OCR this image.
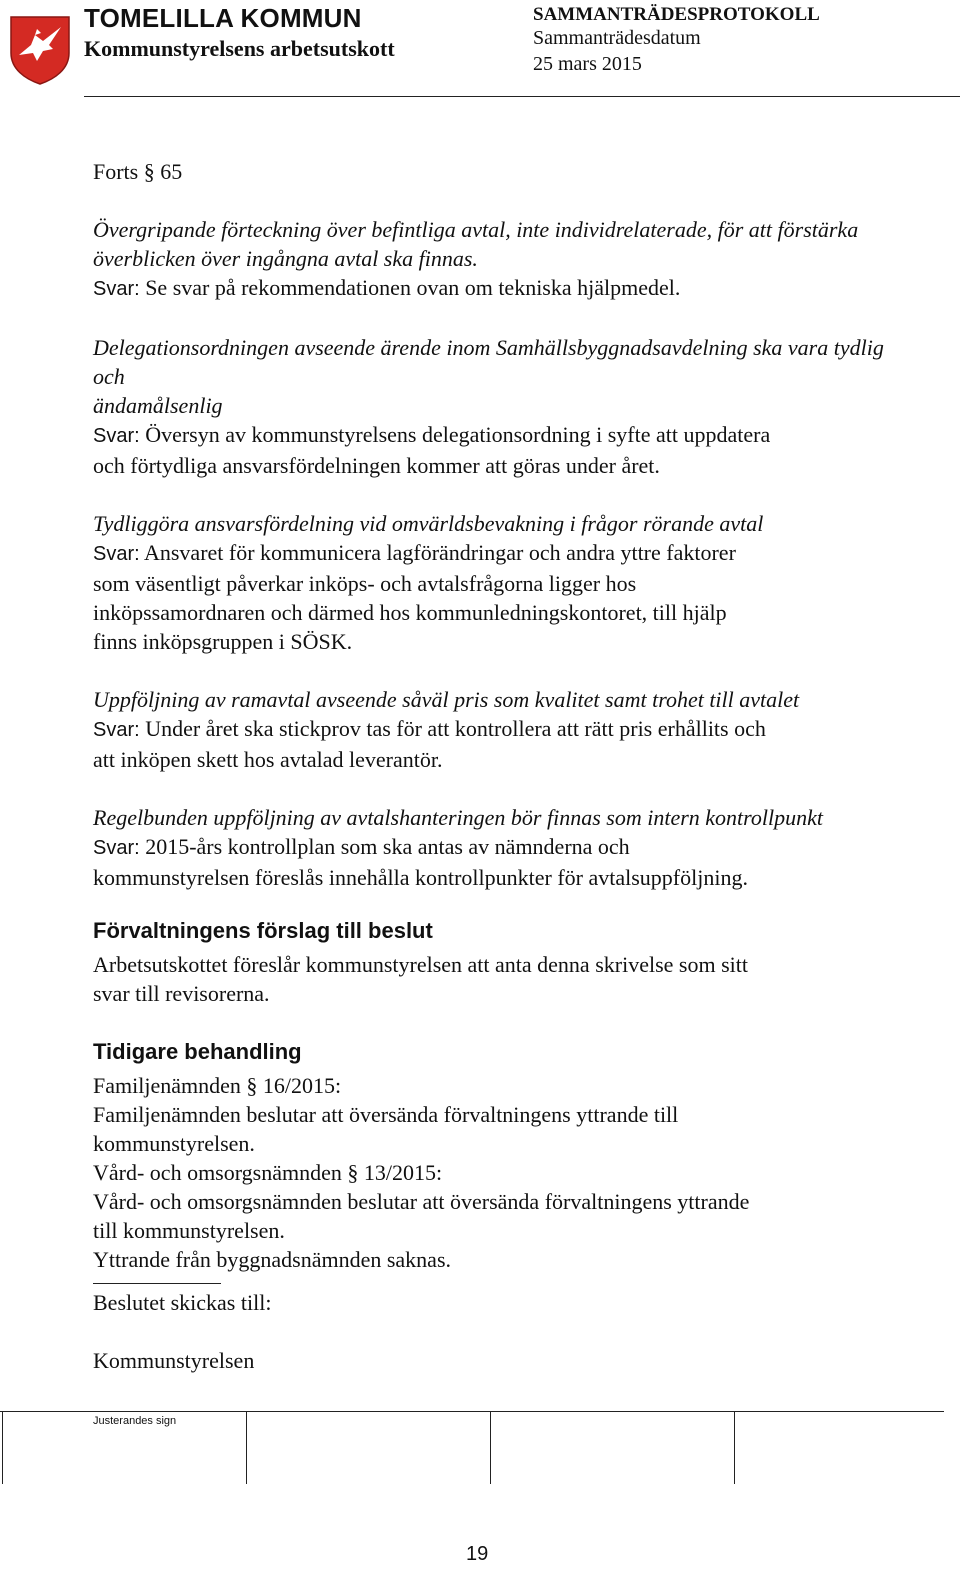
TOMELILLA KOMMUN
Kommunstyrelsens arbetsutskott
SAMMANTRÄDESPROTOKOLL
Sammanträdesdatum
25 mars 2015

Forts § 65

Övergripande förteckning över befintliga avtal, inte individrelaterade, för att förstärka

överblicken över ingångna avtal ska finnas.

Svar: Se svar på rekommendationen ovan om tekniska hjälpmedel.

Delegationsordningen avseende ärende inom Samhällsbyggnadsavdelning ska vara tydlig och

ändamålsenlig

Svar: Översyn av kommunstyrelsens delegationsordning i syfte att uppdatera

och förtydliga ansvarsfördelningen kommer att göras under året.

Tydliggöra ansvarsfördelning vid omvärldsbevakning i frågor rörande avtal

Svar: Ansvaret för kommunicera lagförändringar och andra yttre faktorer

som väsentligt påverkar inköps- och avtalsfrågorna ligger hos

inköpssamordnaren och därmed hos kommunledningskontoret, till hjälp

finns inköpsgruppen i SÖSK.

Uppföljning av ramavtal avseende såväl pris som kvalitet samt trohet till avtalet

Svar: Under året ska stickprov tas för att kontrollera att rätt pris erhållits och

att inköpen skett hos avtalad leverantör.

Regelbunden uppföljning av avtalshanteringen bör finnas som intern kontrollpunkt

Svar: 2015-års kontrollplan som ska antas av nämnderna och

kommunstyrelsen föreslås innehålla kontrollpunkter för avtalsuppföljning.

Förvaltningens förslag till beslut

Arbetsutskottet föreslår kommunstyrelsen att anta denna skrivelse som sitt

svar till revisorerna.

Tidigare behandling

Familjenämnden § 16/2015:

Familjenämnden beslutar att översända förvaltningens yttrande till

kommunstyrelsen.

Vård- och omsorgsnämnden § 13/2015:

Vård- och omsorgsnämnden beslutar att översända förvaltningens yttrande

till kommunstyrelsen.

Yttrande från byggnadsnämnden saknas.

Beslutet skickas till:

Kommunstyrelsen

Justerandes sign
19
